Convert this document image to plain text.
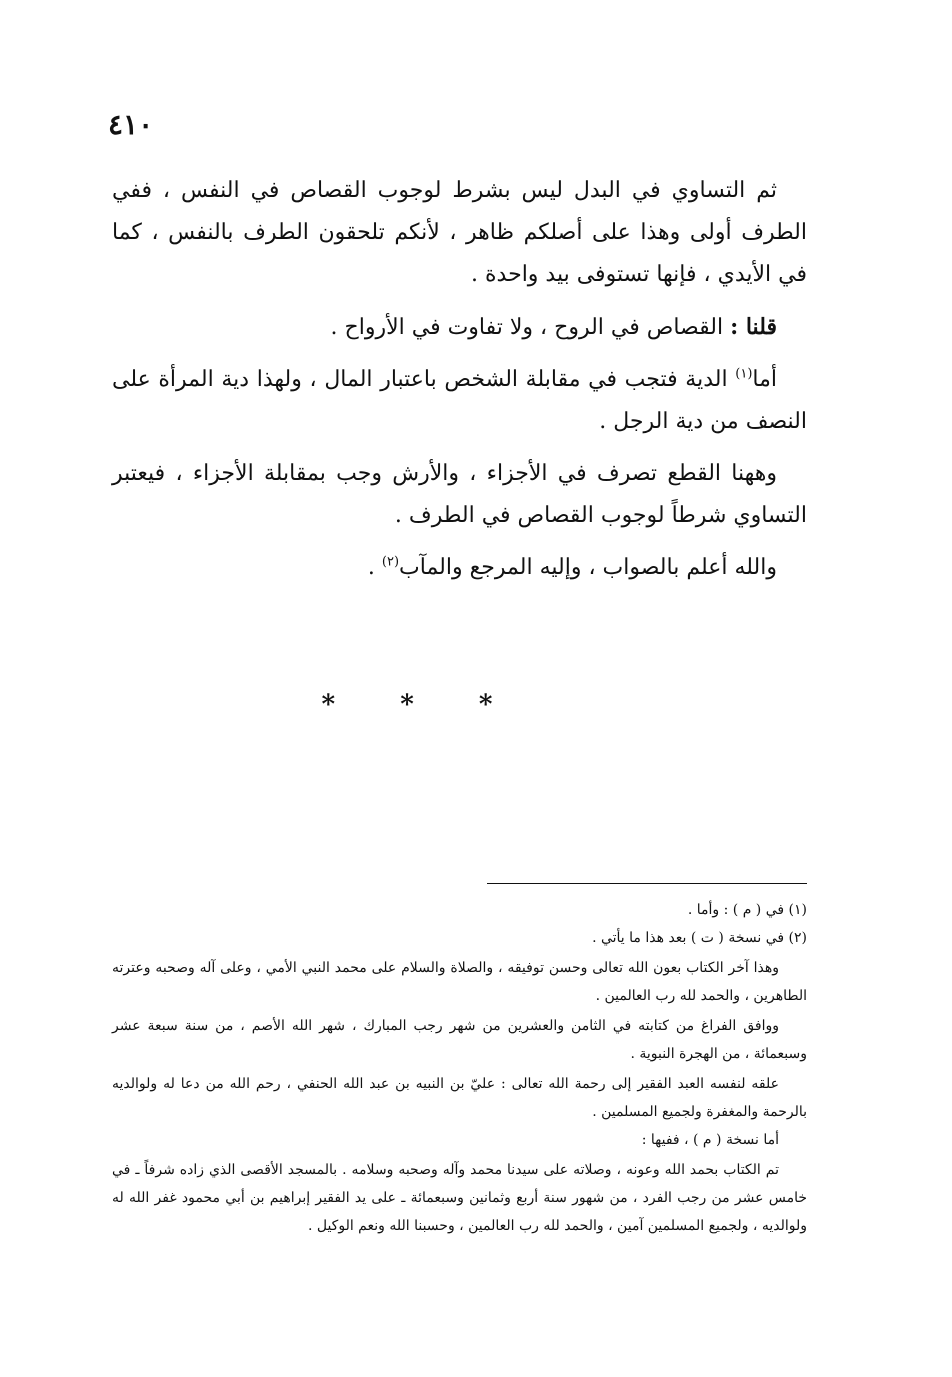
٤١٠

ثم التساوي في البدل ليس بشرط لوجوب القصاص في النفس ، ففي الطرف أولى وهذا على أصلكم ظاهر ، لأنكم تلحقون الطرف بالنفس ، كما في الأيدي ، فإنها تستوفى بيد واحدة .

قلنا : القصاص في الروح ، ولا تفاوت في الأرواح .

أما$^{(١)}$ الدية فتجب في مقابلة الشخص باعتبار المال ، ولهذا دية المرأة على النصف من دية الرجل .

وههنا القطع تصرف في الأجزاء ، والأرش وجب بمقابلة الأجزاء ، فيعتبر التساوي شرطاً لوجوب القصاص في الطرف .

والله أعلم بالصواب ، وإليه المرجع والمآب$^{(٢)}$ .

* * *

(١) في ( م ) : وأما .

(٢) في نسخة ( ت ) بعد هذا ما يأتي .

وهذا آخر الكتاب بعون الله تعالى وحسن توفيقه ، والصلاة والسلام على محمد النبي الأمي ، وعلى آله وصحبه وعترته الطاهرين ، والحمد لله رب العالمين .

ووافق الفراغ من كتابته في الثامن والعشرين من شهر رجب المبارك ، شهر الله الأصم ، من سنة سبعة عشر وسبعمائة ، من الهجرة النبوية .

علقه لنفسه العبد الفقير إلى رحمة الله تعالى : عليّ بن النبيه بن عبد الله الحنفي ، رحم الله من دعا له ولوالديه بالرحمة والمغفرة ولجميع المسلمين .

أما نسخة ( م ) ، ففيها :

تم الكتاب بحمد الله وعونه ، وصلاته على سيدنا محمد وآله وصحبه وسلامه . بالمسجد الأقصى الذي زاده شرفاً ـ في خامس عشر من رجب الفرد ، من شهور سنة أربع وثمانين وسبعمائة ـ على يد الفقير إبراهيم بن أبي محمود غفر الله له ولوالديه ، ولجميع المسلمين آمين ، والحمد لله رب العالمين ، وحسبنا الله ونعم الوكيل .
